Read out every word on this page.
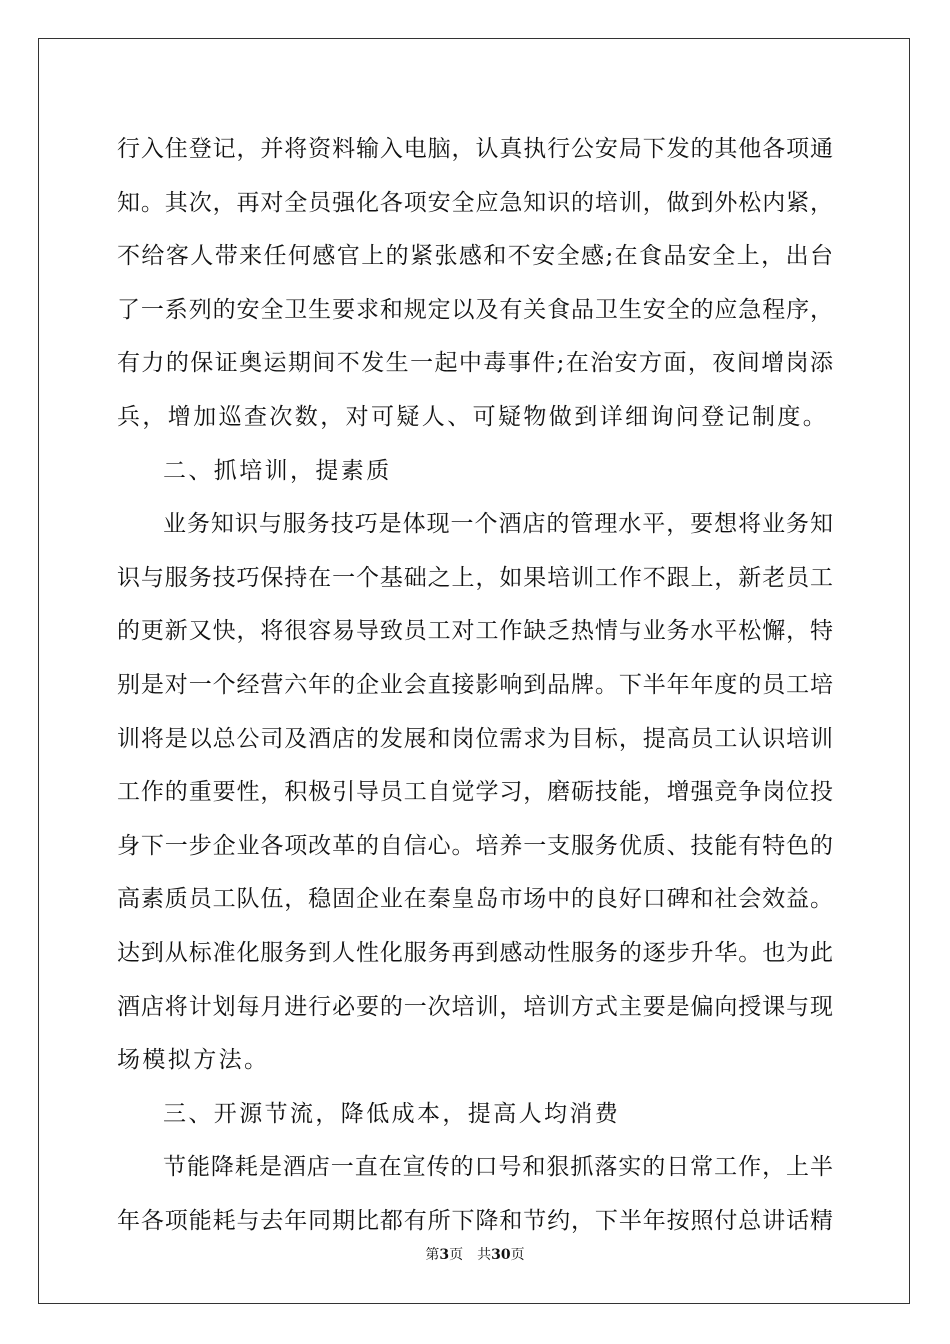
行入住登记，并将资料输入电脑，认真执行公安局下发的其他各项通
知。其次，再对全员强化各项安全应急知识的培训，做到外松内紧，
不给客人带来任何感官上的紧张感和不安全感;在食品安全上，出台
了一系列的安全卫生要求和规定以及有关食品卫生安全的应急程序，
有力的保证奥运期间不发生一起中毒事件;在治安方面，夜间增岗添
兵，增加巡查次数，对可疑人、可疑物做到详细询问登记制度。
二、抓培训，提素质
业务知识与服务技巧是体现一个酒店的管理水平，要想将业务知
识与服务技巧保持在一个基础之上，如果培训工作不跟上，新老员工
的更新又快，将很容易导致员工对工作缺乏热情与业务水平松懈，特
别是对一个经营六年的企业会直接影响到品牌。下半年年度的员工培
训将是以总公司及酒店的发展和岗位需求为目标，提高员工认识培训
工作的重要性，积极引导员工自觉学习，磨砺技能，增强竞争岗位投
身下一步企业各项改革的自信心。培养一支服务优质、技能有特色的
高素质员工队伍，稳固企业在秦皇岛市场中的良好口碑和社会效益。
达到从标准化服务到人性化服务再到感动性服务的逐步升华。也为此
酒店将计划每月进行必要的一次培训，培训方式主要是偏向授课与现
场模拟方法。
三、开源节流，降低成本，提高人均消费
节能降耗是酒店一直在宣传的口号和狠抓落实的日常工作，上半
年各项能耗与去年同期比都有所下降和节约，下半年按照付总讲话精
第3页 共30页
